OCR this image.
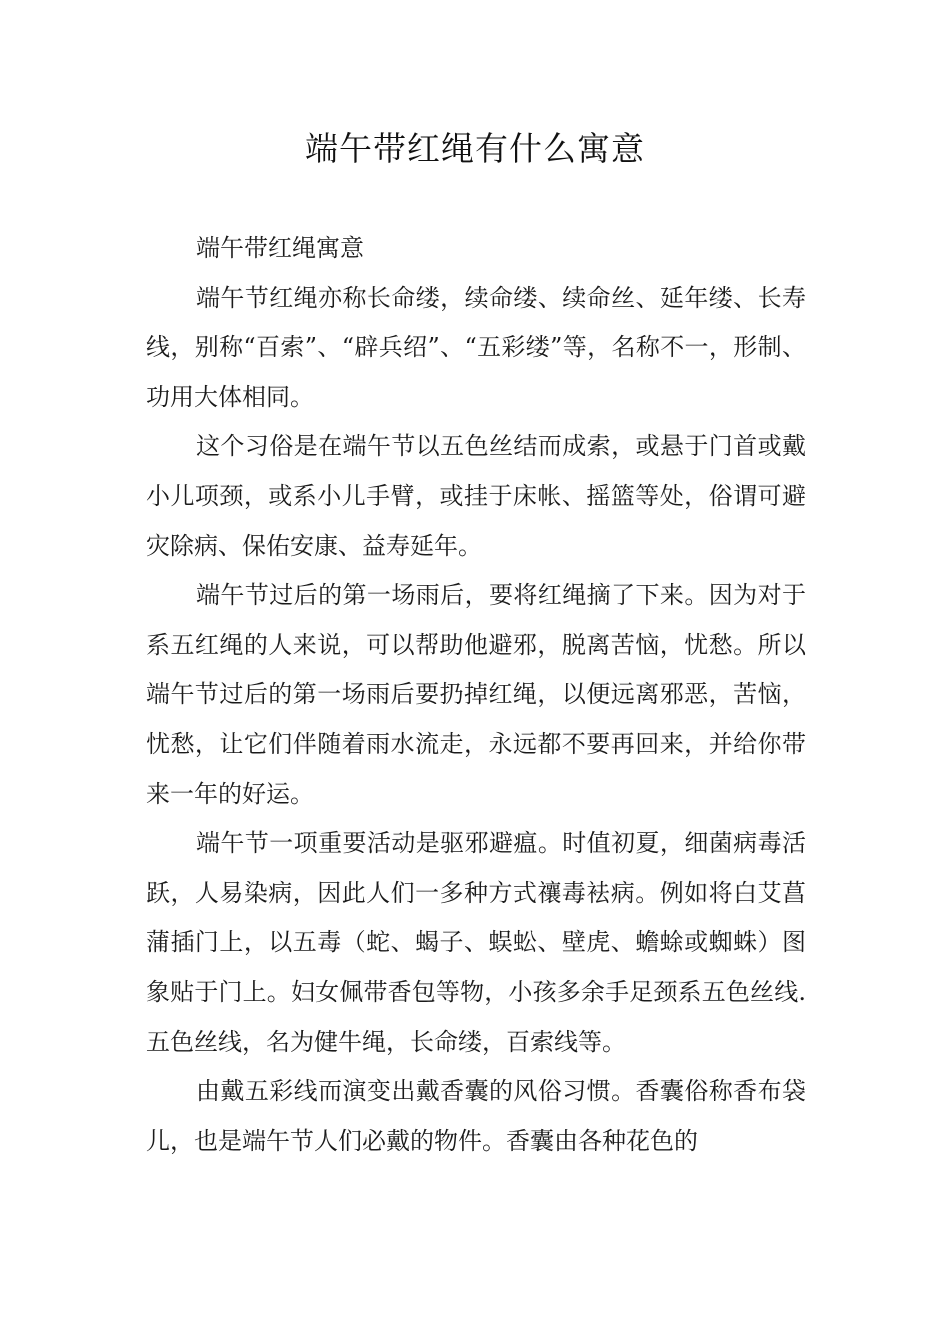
端午带红绳有什么寓意

端午带红绳寓意

端午节红绳亦称长命缕，续命缕、续命丝、延年缕、长寿线，别称“百索”、“辟兵绍”、“五彩缕”等，名称不一，形制、功用大体相同。

这个习俗是在端午节以五色丝结而成索，或悬于门首或戴小儿项颈，或系小儿手臂，或挂于床帐、摇篮等处，俗谓可避灾除病、保佑安康、益寿延年。

端午节过后的第一场雨后，要将红绳摘了下来。因为对于系五红绳的人来说，可以帮助他避邪，脱离苦恼，忧愁。所以端午节过后的第一场雨后要扔掉红绳，以便远离邪恶，苦恼，忧愁，让它们伴随着雨水流走，永远都不要再回来，并给你带来一年的好运。

端午节一项重要活动是驱邪避瘟。时值初夏，细菌病毒活跃，人易染病，因此人们一多种方式禳毒袪病。例如将白艾菖蒲插门上，以五毒（蛇、蝎子、蜈蚣、壁虎、蟾蜍或蜘蛛）图象贴于门上。妇女佩带香包等物，小孩多余手足颈系五色丝线.五色丝线，名为健牛绳，长命缕，百索线等。

由戴五彩线而演变出戴香囊的风俗习惯。香囊俗称香布袋儿，也是端午节人们必戴的物件。香囊由各种花色的
